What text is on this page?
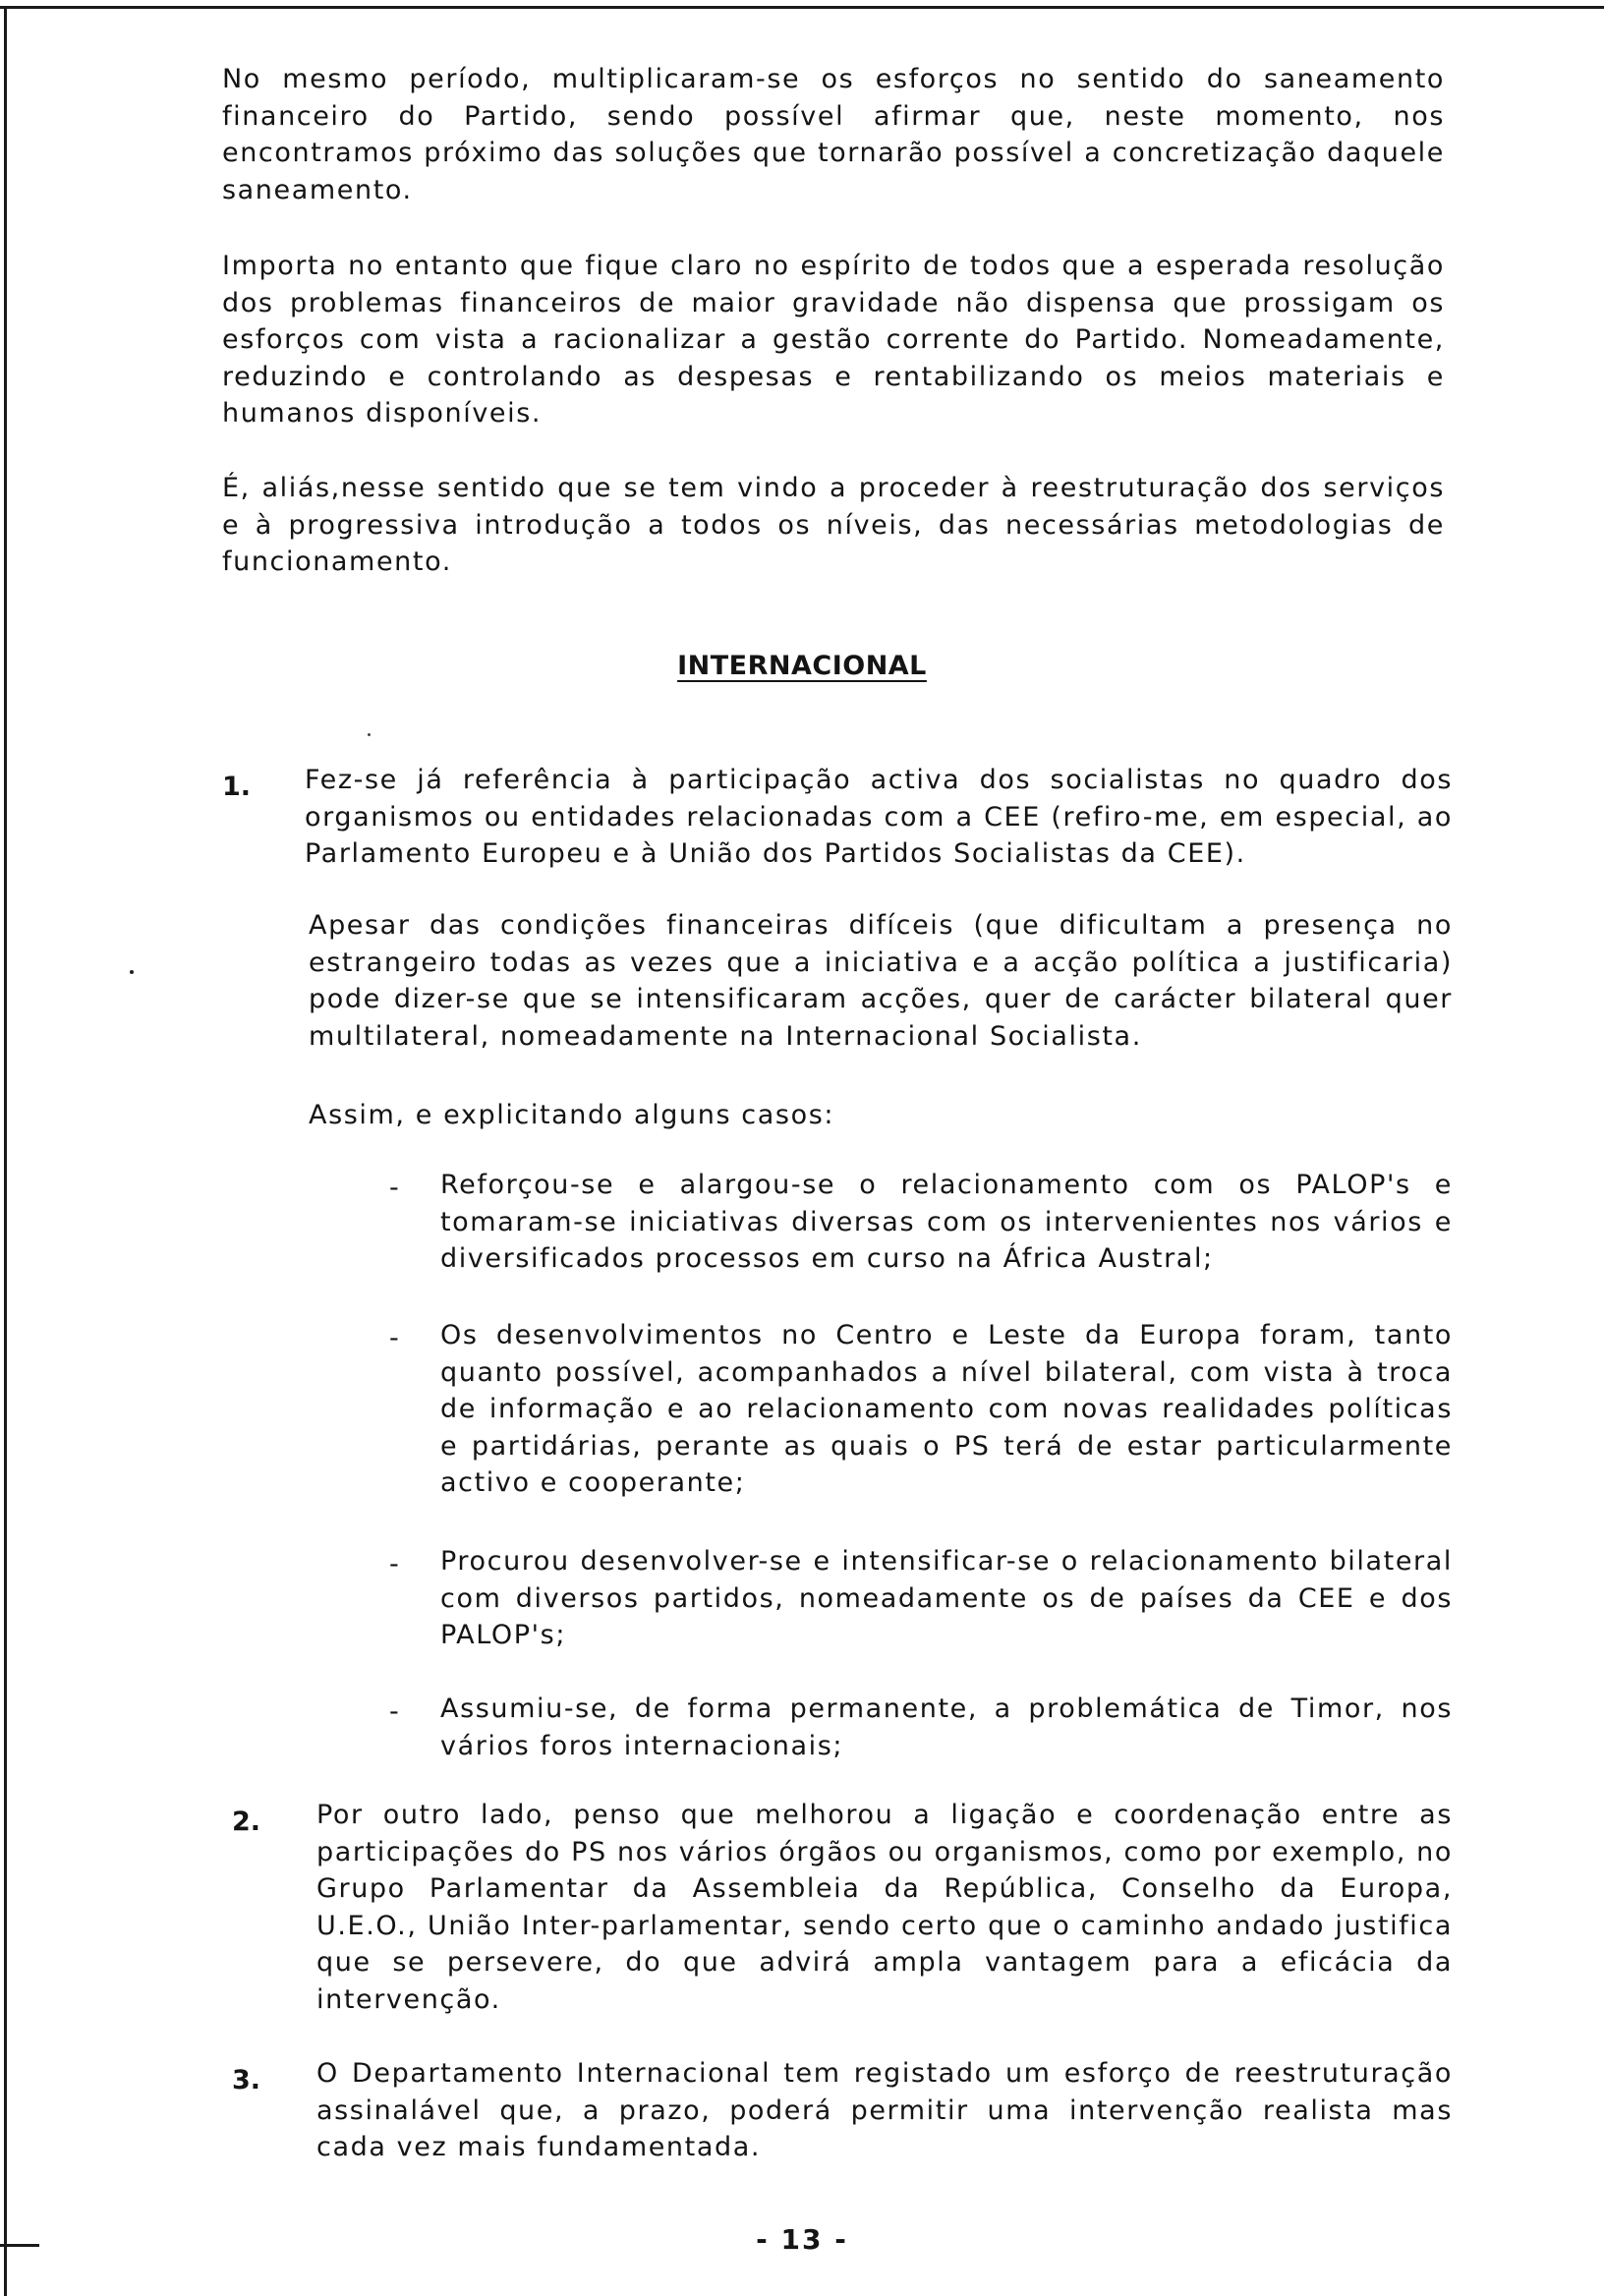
No mesmo período, multiplicaram-se os esforços no sentido do saneamento financeiro do Partido, sendo possível afirmar que, neste momento, nos encontramos próximo das soluções que tornarão possível a concretização daquele saneamento.

Importa no entanto que fique claro no espírito de todos que a esperada resolução dos problemas financeiros de maior gravidade não dispensa que prossigam os esforços com vista a racionalizar a gestão corrente do Partido. Nomeadamente, reduzindo e controlando as despesas e rentabilizando os meios materiais e humanos disponíveis.

É, aliás,nesse sentido que se tem vindo a proceder à reestruturação dos serviços e à progressiva introdução a todos os níveis, das necessárias metodologias de funcionamento.

INTERNACIONAL
1. Fez-se já referência à participação activa dos socialistas no quadro dos organismos ou entidades relacionadas com a CEE (refiro-me, em especial, ao Parlamento Europeu e à União dos Partidos Socialistas da CEE).

Apesar das condições financeiras difíceis (que dificultam a presença no estrangeiro todas as vezes que a iniciativa e a acção política a justificaria) pode dizer-se que se intensificaram acções, quer de carácter bilateral quer multilateral, nomeadamente na Internacional Socialista.

Assim, e explicitando alguns casos:

- Reforçou-se e alargou-se o relacionamento com os PALOP's e tomaram-se iniciativas diversas com os intervenientes nos vários e diversificados processos em curso na África Austral;

- Os desenvolvimentos no Centro e Leste da Europa foram, tanto quanto possível, acompanhados a nível bilateral, com vista à troca de informação e ao relacionamento com novas realidades políticas e partidárias, perante as quais o PS terá de estar particularmente activo e cooperante;

- Procurou desenvolver-se e intensificar-se o relacionamento bilateral com diversos partidos, nomeadamente os de países da CEE e dos PALOP's;

- Assumiu-se, de forma permanente, a problemática de Timor, nos vários foros internacionais;

2. Por outro lado, penso que melhorou a ligação e coordenação entre as participações do PS nos vários órgãos ou organismos, como por exemplo, no Grupo Parlamentar da Assembleia da República, Conselho da Europa, U.E.O., União Inter-parlamentar, sendo certo que o caminho andado justifica que se persevere, do que advirá ampla vantagem para a eficácia da intervenção.

3. O Departamento Internacional tem registado um esforço de reestruturação assinalável que, a prazo, poderá permitir uma intervenção realista mas cada vez mais fundamentada.

- 13 -
